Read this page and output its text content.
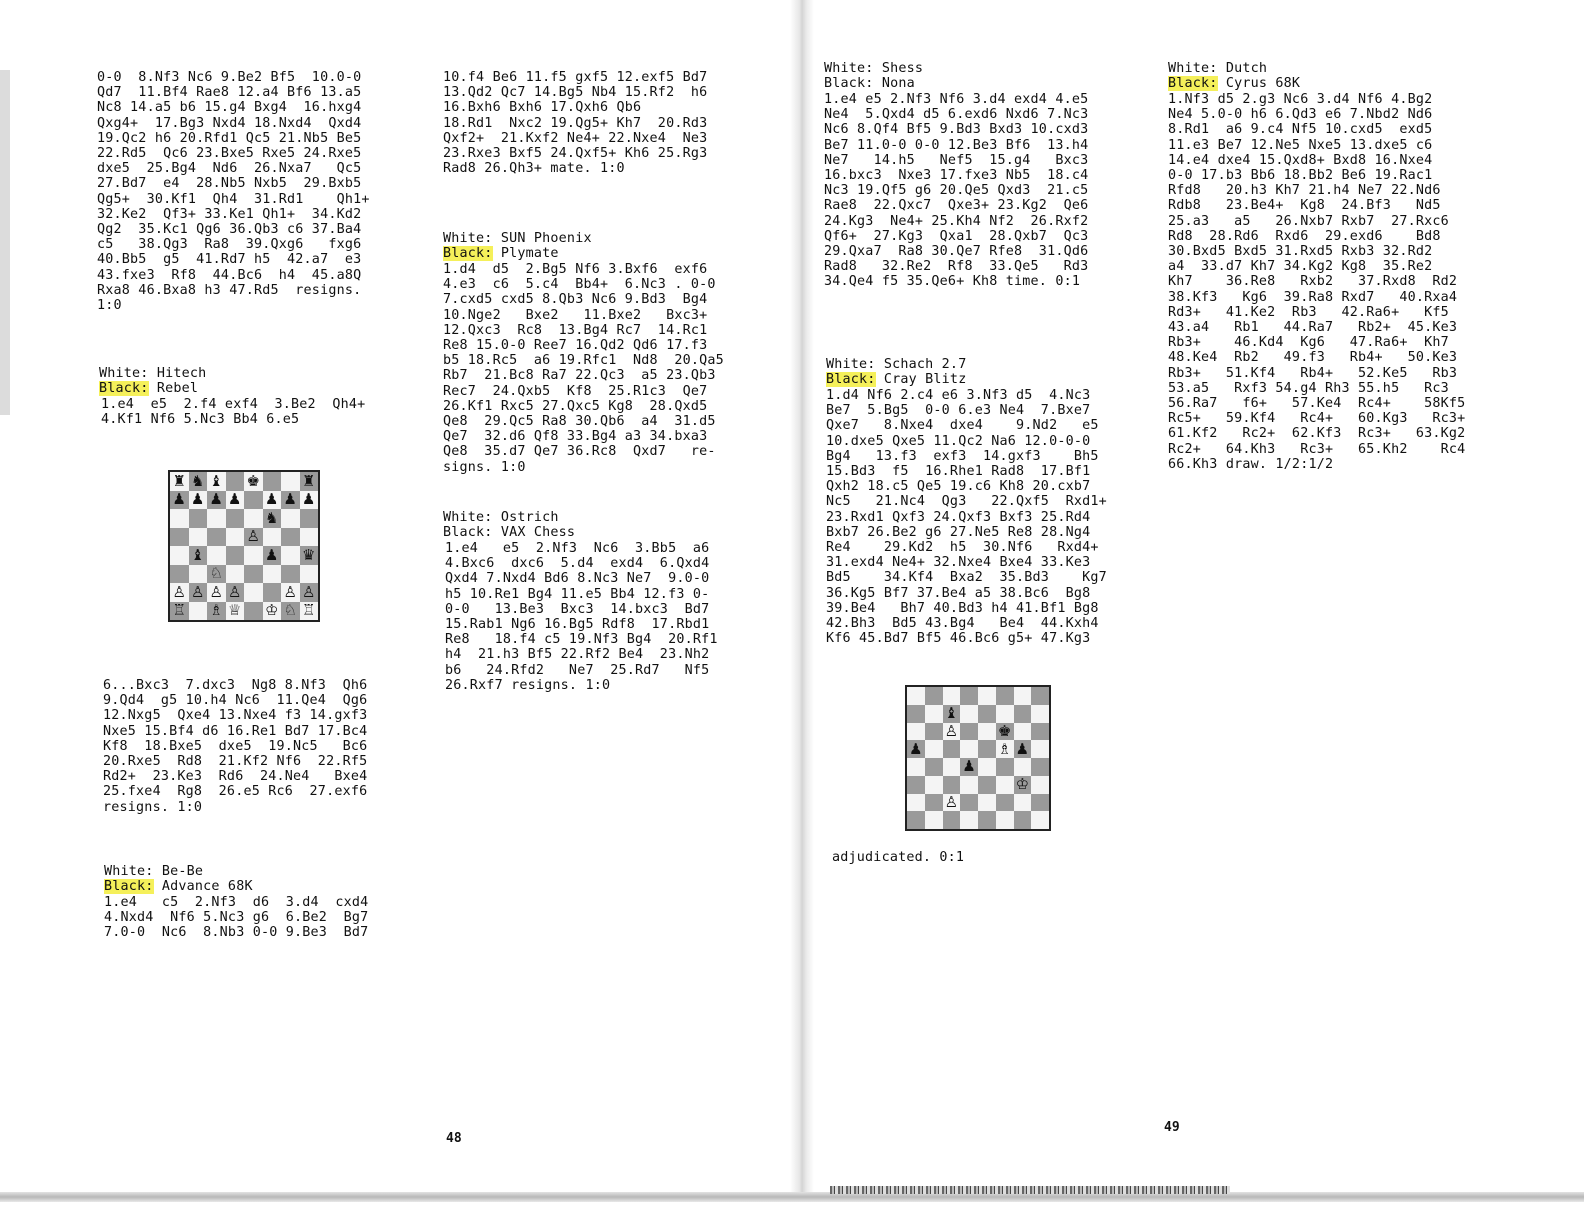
0-0  8.Nf3 Nc6 9.Be2 Bf5  10.0-0
Qd7  11.Bf4 Rae8 12.a4 Bf6 13.a5
Nc8 14.a5 b6 15.g4 Bxg4  16.hxg4
Qxg4+  17.Bg3 Nxd4 18.Nxd4  Qxd4
19.Qc2 h6 20.Rfd1 Qc5 21.Nb5 Be5
22.Rd5  Qc6 23.Bxe5 Rxe5 24.Rxe5
dxe5  25.Bg4  Nd6  26.Nxa7   Qc5
27.Bd7  e4  28.Nb5 Nxb5  29.Bxb5
Qg5+  30.Kf1  Qh4  31.Rd1    Qh1+
32.Ke2  Qf3+ 33.Ke1 Qh1+  34.Kd2
Qg2  35.Kc1 Qg6 36.Qb3 c6 37.Ba4
c5   38.Qg3  Ra8  39.Qxg6   fxg6
40.Bb5  g5  41.Rd7 h5  42.a7  e3
43.fxe3  Rf8  44.Bc6  h4  45.a8Q
Rxa8 46.Bxa8 h3 47.Rd5  resigns.
1:0
White: Hitech
Black: Rebel
1.e4  e5  2.f4 exf4  3.Be2  Qh4+
4.Kf1 Nf6 5.Nc3 Bb4 6.e5
♜ ♞ ♝ ♚	♜
♟ ♟ ♟ ♟ ♟ ♟ ♟
♞
♙
♝	♟ ♛
♘
♙ ♙ ♙ ♙	♙ ♙
♖ ♗ ♕ ♔ ♘ ♖
6...Bxc3  7.dxc3  Ng8 8.Nf3  Qh6
9.Qd4  g5 10.h4 Nc6  11.Qe4  Qg6
12.Nxg5  Qxe4 13.Nxe4 f3 14.gxf3
Nxe5 15.Bf4 d6 16.Re1 Bd7 17.Bc4
Kf8  18.Bxe5  dxe5  19.Nc5   Bc6
20.Rxe5  Rd8  21.Kf2 Nf6  22.Rf5
Rd2+  23.Ke3  Rd6  24.Ne4   Bxe4
25.fxe4  Rg8  26.e5 Rc6  27.exf6
resigns. 1:0
White: Be-Be
Black: Advance 68K
1.e4   c5  2.Nf3  d6  3.d4  cxd4
4.Nxd4  Nf6 5.Nc3 g6  6.Be2  Bg7
7.0-0  Nc6  8.Nb3 0-0 9.Be3  Bd7
10.f4 Be6 11.f5 gxf5 12.exf5 Bd7
13.Qd2 Qc7 14.Bg5 Nb4 15.Rf2  h6
16.Bxh6 Bxh6 17.Qxh6 Qb6
18.Rd1  Nxc2 19.Qg5+ Kh7  20.Rd3
Qxf2+  21.Kxf2 Ne4+ 22.Nxe4  Ne3
23.Rxe3 Bxf5 24.Qxf5+ Kh6 25.Rg3
Rad8 26.Qh3+ mate. 1:0
White: SUN Phoenix
Black: Plymate
1.d4  d5  2.Bg5 Nf6 3.Bxf6  exf6
4.e3  c6  5.c4  Bb4+  6.Nc3 . 0-0
7.cxd5 cxd5 8.Qb3 Nc6 9.Bd3  Bg4
10.Nge2   Bxe2   11.Bxe2   Bxc3+
12.Qxc3  Rc8  13.Bg4 Rc7  14.Rc1
Re8 15.0-0 Ree7 16.Qd2 Qd6 17.f3
b5 18.Rc5  a6 19.Rfc1  Nd8  20.Qa5
Rb7  21.Bc8 Ra7 22.Qc3  a5 23.Qb3
Rec7  24.Qxb5  Kf8  25.R1c3  Qe7
26.Kf1 Rxc5 27.Qxc5 Kg8  28.Qxd5
Qe8  29.Qc5 Ra8 30.Qb6  a4  31.d5
Qe7  32.d6 Qf8 33.Bg4 a3 34.bxa3
Qe8  35.d7 Qe7 36.Rc8  Qxd7   re-
signs. 1:0
White: Ostrich
Black: VAX Chess
1.e4   e5  2.Nf3  Nc6  3.Bb5  a6
4.Bxc6  dxc6  5.d4  exd4  6.Qxd4
Qxd4 7.Nxd4 Bd6 8.Nc3 Ne7  9.0-0
h5 10.Re1 Bg4 11.e5 Bb4 12.f3 0-
0-0   13.Be3  Bxc3  14.bxc3  Bd7
15.Rab1 Ng6 16.Bg5 Rdf8  17.Rbd1
Re8   18.f4 c5 19.Nf3 Bg4  20.Rf1
h4  21.h3 Bf5 22.Rf2 Be4  23.Nh2
b6   24.Rfd2   Ne7  25.Rd7   Nf5
26.Rxf7 resigns. 1:0
48
White: Shess
Black: Nona
1.e4 e5 2.Nf3 Nf6 3.d4 exd4 4.e5
Ne4  5.Qxd4 d5 6.exd6 Nxd6 7.Nc3
Nc6 8.Qf4 Bf5 9.Bd3 Bxd3 10.cxd3
Be7 11.0-0 0-0 12.Be3 Bf6  13.h4
Ne7   14.h5   Nef5  15.g4   Bxc3
16.bxc3  Nxe3 17.fxe3 Nb5  18.c4
Nc3 19.Qf5 g6 20.Qe5 Qxd3  21.c5
Rae8  22.Qxc7  Qxe3+ 23.Kg2  Qe6
24.Kg3  Ne4+ 25.Kh4 Nf2  26.Rxf2
Qf6+  27.Kg3  Qxa1  28.Qxb7  Qc3
29.Qxa7  Ra8 30.Qe7 Rfe8  31.Qd6
Rad8   32.Re2  Rf8  33.Qe5   Rd3
34.Qe4 f5 35.Qe6+ Kh8 time. 0:1
White: Schach 2.7
Black: Cray Blitz
1.d4 Nf6 2.c4 e6 3.Nf3 d5  4.Nc3
Be7  5.Bg5  0-0 6.e3 Ne4  7.Bxe7
Qxe7   8.Nxe4  dxe4    9.Nd2   e5
10.dxe5 Qxe5 11.Qc2 Na6 12.0-0-0
Bg4   13.f3  exf3  14.gxf3    Bh5
15.Bd3  f5  16.Rhe1 Rad8  17.Bf1
Qxh2 18.c5 Qe5 19.c6 Kh8 20.cxb7
Nc5   21.Nc4  Qg3   22.Qxf5  Rxd1+
23.Rxd1 Qxf3 24.Qxf3 Bxf3 25.Rd4
Bxb7 26.Be2 g6 27.Ne5 Re8 28.Ng4
Re4    29.Kd2  h5  30.Nf6   Rxd4+
31.exd4 Ne4+ 32.Nxe4 Bxe4 33.Ke3
Bd5    34.Kf4  Bxa2  35.Bd3    Kg7
36.Kg5 Bf7 37.Be4 a5 38.Bc6  Bg8
39.Be4   Bh7 40.Bd3 h4 41.Bf1 Bg8
42.Bh3  Bd5 43.Bg4   Be4  44.Kxh4
Kf6 45.Bd7 Bf5 46.Bc6 g5+ 47.Kg3
♝
♙	♚
♟	♗ ♟
♟
♔
♙
adjudicated. 0:1
White: Dutch
Black: Cyrus 68K
1.Nf3 d5 2.g3 Nc6 3.d4 Nf6 4.Bg2
Ne4 5.0-0 h6 6.Qd3 e6 7.Nbd2 Nd6
8.Rd1  a6 9.c4 Nf5 10.cxd5  exd5
11.e3 Be7 12.Ne5 Nxe5 13.dxe5 c6
14.e4 dxe4 15.Qxd8+ Bxd8 16.Nxe4
0-0 17.b3 Bb6 18.Bb2 Be6 19.Rac1
Rfd8   20.h3 Kh7 21.h4 Ne7 22.Nd6
Rdb8   23.Be4+  Kg8  24.Bf3   Nd5
25.a3   a5   26.Nxb7 Rxb7  27.Rxc6
Rd8  28.Rd6  Rxd6  29.exd6    Bd8
30.Bxd5 Bxd5 31.Rxd5 Rxb3 32.Rd2
a4  33.d7 Kh7 34.Kg2 Kg8  35.Re2
Kh7    36.Re8   Rxb2   37.Rxd8  Rd2
38.Kf3   Kg6  39.Ra8 Rxd7   40.Rxa4
Rd3+   41.Ke2  Rb3   42.Ra6+   Kf5
43.a4   Rb1   44.Ra7   Rb2+  45.Ke3
Rb3+    46.Kd4  Kg6   47.Ra6+  Kh7
48.Ke4  Rb2   49.f3   Rb4+   50.Ke3
Rb3+   51.Kf4   Rb4+   52.Ke5   Rb3
53.a5   Rxf3 54.g4 Rh3 55.h5   Rc3
56.Ra7   f6+   57.Ke4  Rc4+    58Kf5
Rc5+   59.Kf4   Rc4+   60.Kg3   Rc3+
61.Kf2   Rc2+  62.Kf3  Rc3+   63.Kg2
Rc2+   64.Kh3   Rc3+   65.Kh2    Rc4
66.Kh3 draw. 1/2:1/2
49
